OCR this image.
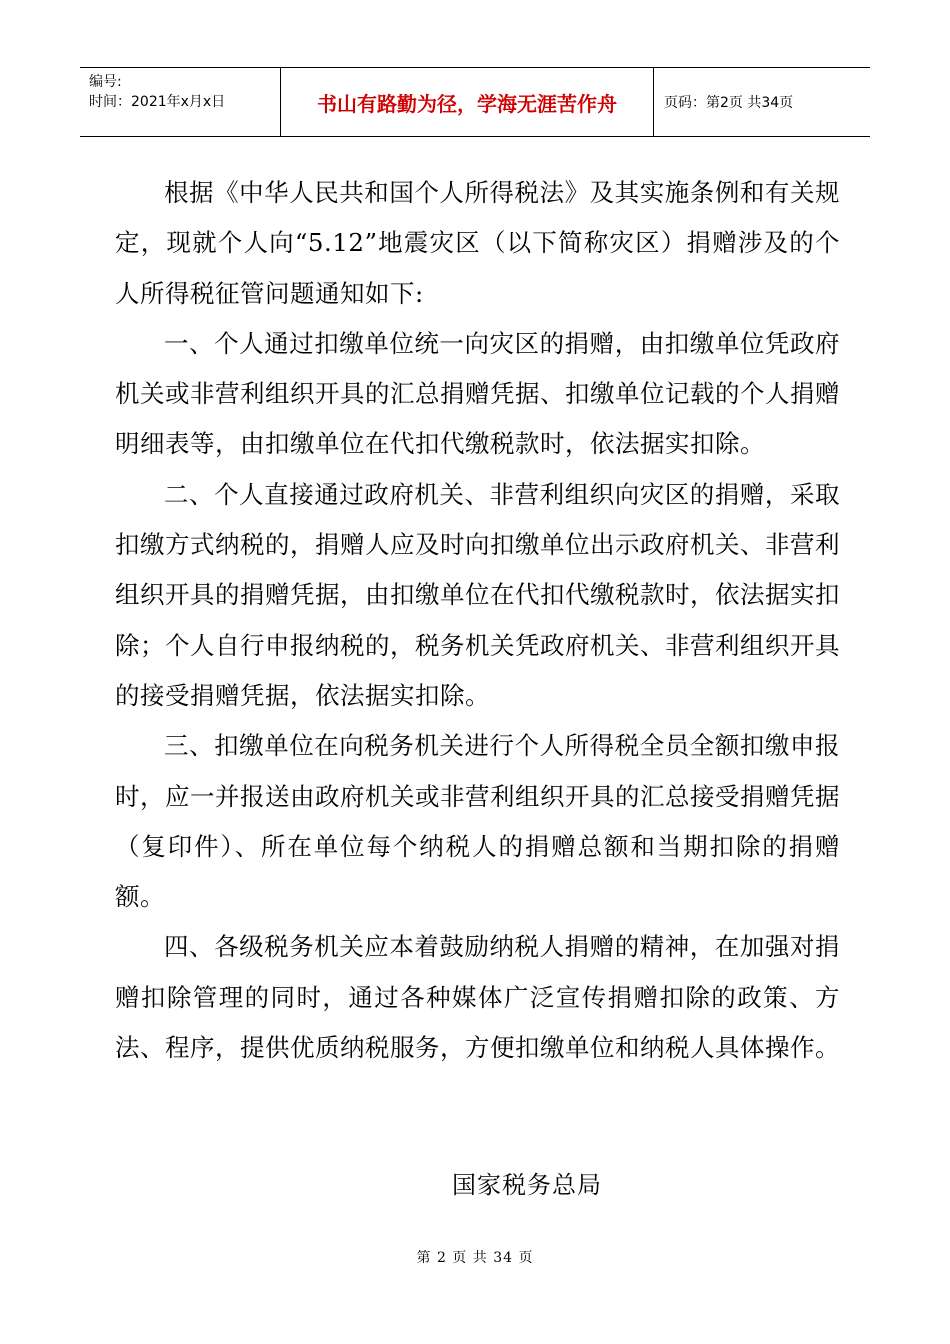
编号:
时间：2021年x月x日	书山有路勤为径，学海无涯苦作舟	页码：第2页 共34页

根据《中华人民共和国个人所得税法》及其实施条例和有关规定，现就个人向“5.12”地震灾区（以下简称灾区）捐赠涉及的个人所得税征管问题通知如下:

一、个人通过扣缴单位统一向灾区的捐赠，由扣缴单位凭政府机关或非营利组织开具的汇总捐赠凭据、扣缴单位记载的个人捐赠明细表等，由扣缴单位在代扣代缴税款时，依法据实扣除。

二、个人直接通过政府机关、非营利组织向灾区的捐赠，采取扣缴方式纳税的，捐赠人应及时向扣缴单位出示政府机关、非营利组织开具的捐赠凭据，由扣缴单位在代扣代缴税款时，依法据实扣除；个人自行申报纳税的，税务机关凭政府机关、非营利组织开具的接受捐赠凭据，依法据实扣除。

三、扣缴单位在向税务机关进行个人所得税全员全额扣缴申报时，应一并报送由政府机关或非营利组织开具的汇总接受捐赠凭据（复印件）、所在单位每个纳税人的捐赠总额和当期扣除的捐赠额。

四、各级税务机关应本着鼓励纳税人捐赠的精神，在加强对捐赠扣除管理的同时，通过各种媒体广泛宣传捐赠扣除的政策、方法、程序，提供优质纳税服务，方便扣缴单位和纳税人具体操作。

国家税务总局
第 2 页 共 34 页
